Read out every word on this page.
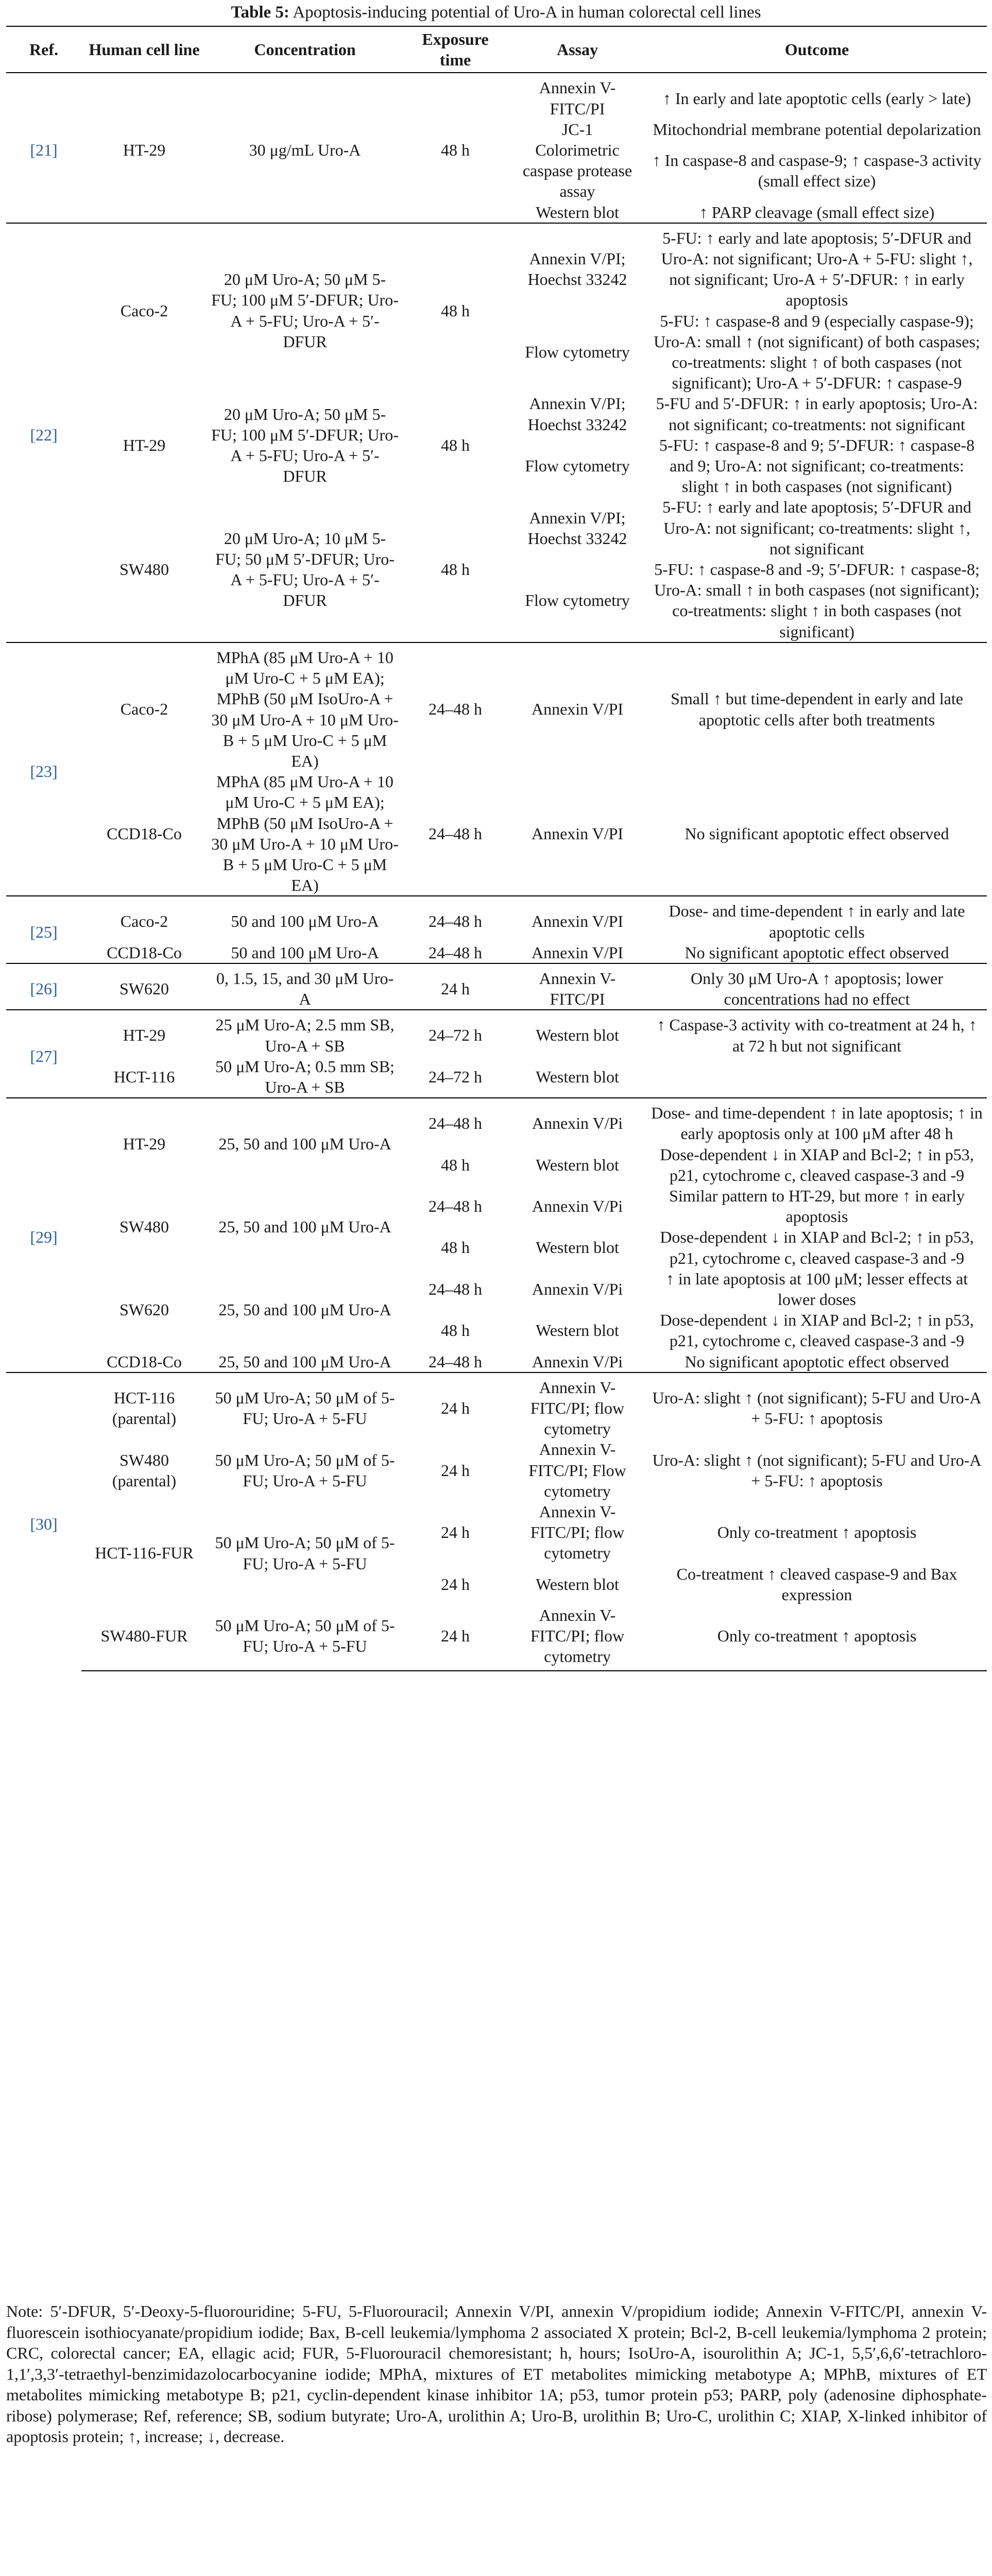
Table 5: Apoptosis-inducing potential of Uro-A in human colorectal cell lines
Ref.	Human cell line	Concentration	Exposure time	Assay	Outcome
[21]	HT-29	30 μg/mL Uro-A	48 h	Annexin V-FITC/PI	↑ In early and late apoptotic cells (early > late)
				JC-1	Mitochondrial membrane potential depolarization
				Colorimetric caspase protease assay	↑ In caspase-8 and caspase-9; ↑ caspase-3 activity (small effect size)
				Western blot	↑ PARP cleavage (small effect size)
[22]	Caco-2	20 μM Uro-A; 50 μM 5-FU; 100 μM 5′-DFUR; Uro-A + 5-FU; Uro-A + 5′-DFUR	48 h	Annexin V/PI; Hoechst 33242	5-FU: ↑ early and late apoptosis; 5′-DFUR and Uro-A: not significant; Uro-A + 5-FU: slight ↑, not significant; Uro-A + 5′-DFUR: ↑ in early apoptosis
				Flow cytometry	5-FU: ↑ caspase-8 and 9 (especially caspase-9); Uro-A: small ↑ (not significant) of both caspases; co-treatments: slight ↑ of both caspases (not significant); Uro-A + 5′-DFUR: ↑ caspase-9
	HT-29	20 μM Uro-A; 50 μM 5-FU; 100 μM 5′-DFUR; Uro-A + 5-FU; Uro-A + 5′-DFUR	48 h	Annexin V/PI; Hoechst 33242	5-FU and 5′-DFUR: ↑ in early apoptosis; Uro-A: not significant; co-treatments: not significant
				Flow cytometry	5-FU: ↑ caspase-8 and 9; 5′-DFUR: ↑ caspase-8 and 9; Uro-A: not significant; co-treatments: slight ↑ in both caspases (not significant)
	SW480	20 μM Uro-A; 10 μM 5-FU; 50 μM 5′-DFUR; Uro-A + 5-FU; Uro-A + 5′-DFUR	48 h	Annexin V/PI; Hoechst 33242	5-FU: ↑ early and late apoptosis; 5′-DFUR and Uro-A: not significant; co-treatments: slight ↑, not significant
				Flow cytometry	5-FU: ↑ caspase-8 and -9; 5′-DFUR: ↑ caspase-8; Uro-A: small ↑ in both caspases (not significant); co-treatments: slight ↑ in both caspases (not significant)
[23]	Caco-2	MPhA (85 μM Uro-A + 10 μM Uro-C + 5 μM EA); MPhB (50 μM IsoUro-A + 30 μM Uro-A + 10 μM Uro-B + 5 μM Uro-C + 5 μM EA)	24–48 h	Annexin V/PI	Small ↑ but time-dependent in early and late apoptotic cells after both treatments
	CCD18-Co	MPhA (85 μM Uro-A + 10 μM Uro-C + 5 μM EA); MPhB (50 μM IsoUro-A + 30 μM Uro-A + 10 μM Uro-B + 5 μM Uro-C + 5 μM EA)	24–48 h	Annexin V/PI	No significant apoptotic effect observed
[25]	Caco-2	50 and 100 μM Uro-A	24–48 h	Annexin V/PI	Dose- and time-dependent ↑ in early and late apoptotic cells
	CCD18-Co	50 and 100 μM Uro-A	24–48 h	Annexin V/PI	No significant apoptotic effect observed
[26]	SW620	0, 1.5, 15, and 30 μM Uro-A	24 h	Annexin V-FITC/PI	Only 30 μM Uro-A ↑ apoptosis; lower concentrations had no effect
[27]	HT-29	25 μM Uro-A; 2.5 mm SB, Uro-A + SB	24–72 h	Western blot	↑ Caspase-3 activity with co-treatment at 24 h, ↑ at 72 h but not significant
	HCT-116	50 μM Uro-A; 0.5 mm SB; Uro-A + SB	24–72 h	Western blot	
[29]	HT-29	25, 50 and 100 μM Uro-A	24–48 h	Annexin V/Pi	Dose- and time-dependent ↑ in late apoptosis; ↑ in early apoptosis only at 100 μM after 48 h
			48 h	Western blot	Dose-dependent ↓ in XIAP and Bcl-2; ↑ in p53, p21, cytochrome c, cleaved caspase-3 and -9
	SW480	25, 50 and 100 μM Uro-A	24–48 h	Annexin V/Pi	Similar pattern to HT-29, but more ↑ in early apoptosis
			48 h	Western blot	Dose-dependent ↓ in XIAP and Bcl-2; ↑ in p53, p21, cytochrome c, cleaved caspase-3 and -9
	SW620	25, 50 and 100 μM Uro-A	24–48 h	Annexin V/Pi	↑ in late apoptosis at 100 μM; lesser effects at lower doses
			48 h	Western blot	Dose-dependent ↓ in XIAP and Bcl-2; ↑ in p53, p21, cytochrome c, cleaved caspase-3 and -9
	CCD18-Co	25, 50 and 100 μM Uro-A	24–48 h	Annexin V/Pi	No significant apoptotic effect observed
[30]	HCT-116 (parental)	50 μM Uro-A; 50 μM of 5-FU; Uro-A + 5-FU	24 h	Annexin V-FITC/PI; flow cytometry	Uro-A: slight ↑ (not significant); 5-FU and Uro-A + 5-FU: ↑ apoptosis
	SW480 (parental)	50 μM Uro-A; 50 μM of 5-FU; Uro-A + 5-FU	24 h	Annexin V-FITC/PI; Flow cytometry	Uro-A: slight ↑ (not significant); 5-FU and Uro-A + 5-FU: ↑ apoptosis
	HCT-116-FUR	50 μM Uro-A; 50 μM of 5-FU; Uro-A + 5-FU	24 h	Annexin V-FITC/PI; flow cytometry	Only co-treatment ↑ apoptosis
			24 h	Western blot	Co-treatment ↑ cleaved caspase-9 and Bax expression
	SW480-FUR	50 μM Uro-A; 50 μM of 5-FU; Uro-A + 5-FU	24 h	Annexin V-FITC/PI; flow cytometry	Only co-treatment ↑ apoptosis

Note: 5′-DFUR, 5′-Deoxy-5-fluorouridine; 5-FU, 5-Fluorouracil; Annexin V/PI, annexin V/propidium iodide; Annexin V-FITC/PI, annexin V-fluorescein isothiocyanate/propidium iodide; Bax, B-cell leukemia/lymphoma 2 associated X protein; Bcl-2, B-cell leukemia/lymphoma 2 protein; CRC, colorectal cancer; EA, ellagic acid; FUR, 5-Fluorouracil chemoresistant; h, hours; IsoUro-A, isourolithin A; JC-1, 5,5′,6,6′-tetrachloro-1,1′,3,3′-tetraethyl-benzimidazolocarbocyanine iodide; MPhA, mixtures of ET metabolites mimicking metabotype A; MPhB, mixtures of ET metabolites mimicking metabotype B; p21, cyclin-dependent kinase inhibitor 1A; p53, tumor protein p53; PARP, poly (adenosine diphosphate-ribose) polymerase; Ref, reference; SB, sodium butyrate; Uro-A, urolithin A; Uro-B, urolithin B; Uro-C, urolithin C; XIAP, X-linked inhibitor of apoptosis protein; ↑, increase; ↓, decrease.
